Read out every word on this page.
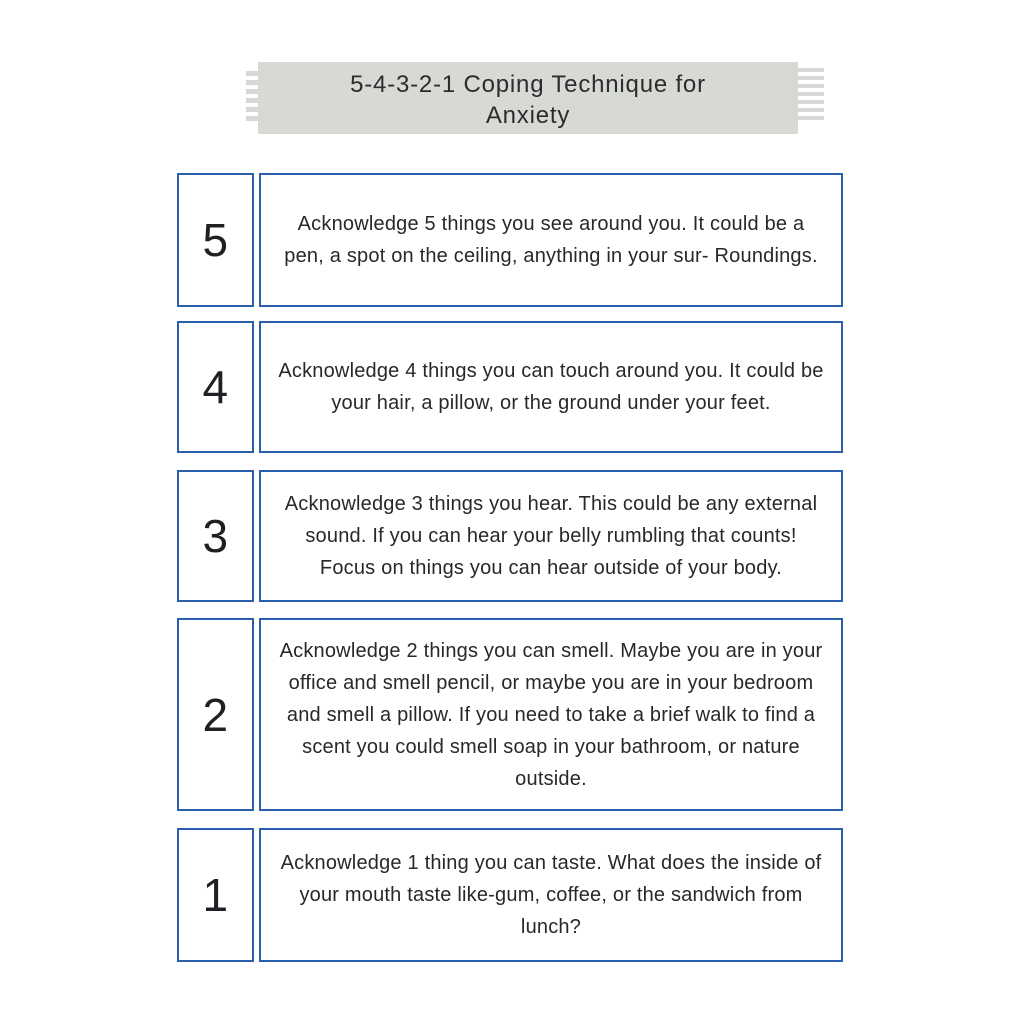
5-4-3-2-1 Coping Technique for
Anxiety
5	Acknowledge 5 things you see around you. It could be a pen, a spot on the ceiling, anything in your sur- Roundings.

4 Acknowledge 4 things you can touch around you. It could be your hair, a pillow, or the ground under your feet.

3

Acknowledge 3 things you hear. This could be any external sound. If you can hear your belly rumbling that counts! Focus on things you can hear outside of your body.

2

Acknowledge 2 things you can smell. Maybe you are in your office and smell pencil, or maybe you are in your bedroom and smell a pillow. If you need to take a brief walk to find a scent you could smell soap in your bathroom, or nature outside.

1

Acknowledge 1 thing you can taste. What does the inside of your mouth taste like-gum, coffee, or the sandwich from lunch?
